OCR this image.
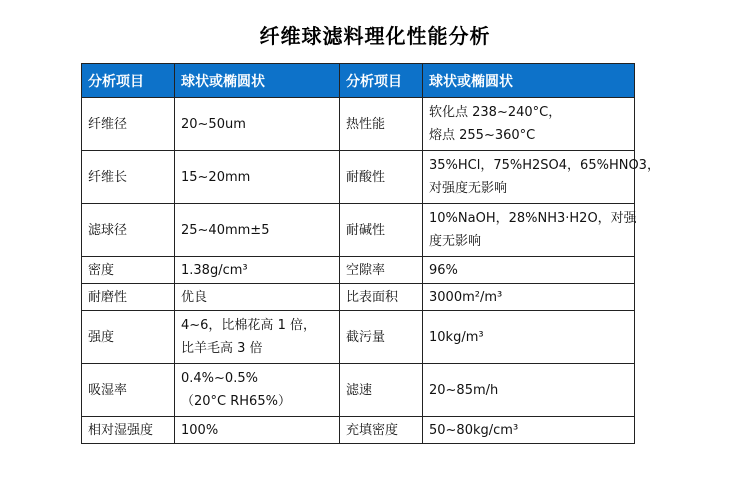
纤维球滤料理化性能分析
分析项目	球状或椭圆状	分析项目	球状或椭圆状
纤维径	20~50um	热性能	软化点 238~240°C，
熔点 255~360°C

纤维长	15~20mm	耐酸性	35%HCl，75%H2SO4，65%HNO3，
对强度无影响

滤球径	25~40mm±5	耐碱性	10%NaOH，28%NH3·H2O，对强
度无影响

密度	1.38g/cm³	空隙率	96%

耐磨性	优良	比表面积	3000m²/m³

强度	4~6，比棉花高 1 倍，
比羊毛高 3 倍	截污量	10kg/m³

吸湿率	0.4%~0.5%
（20°C RH65%）	滤速	20~85m/h

相对湿强度	100%	充填密度	50~80kg/cm³
